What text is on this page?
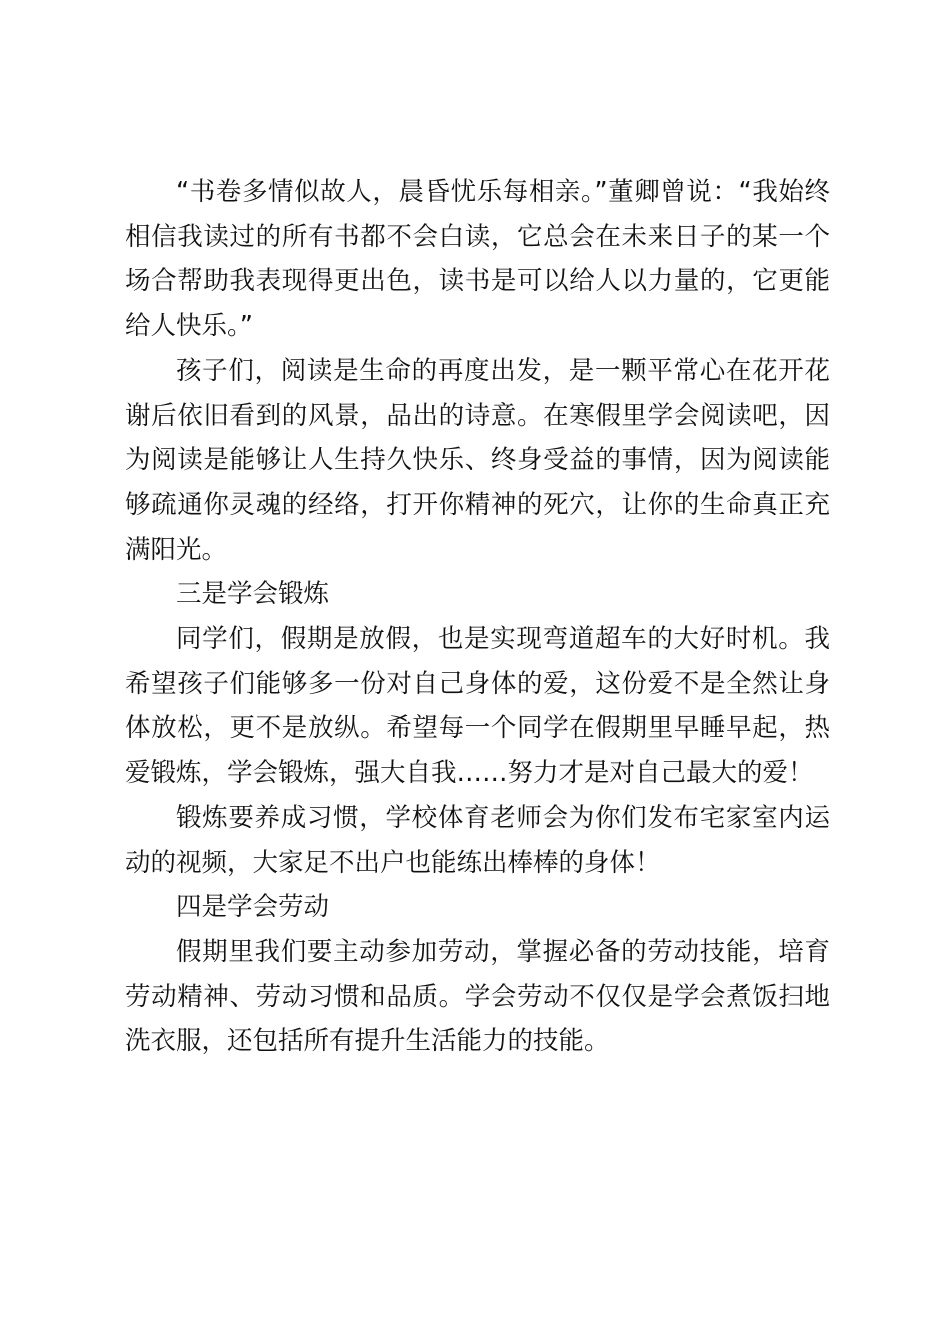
“书卷多情似故人，晨昏忧乐每相亲。”董卿曾说：“我始终相信我读过的所有书都不会白读，它总会在未来日子的某一个场合帮助我表现得更出色，读书是可以给人以力量的，它更能给人快乐。”

孩子们，阅读是生命的再度出发，是一颗平常心在花开花谢后依旧看到的风景，品出的诗意。在寒假里学会阅读吧，因为阅读是能够让人生持久快乐、终身受益的事情，因为阅读能够疏通你灵魂的经络，打开你精神的死穴，让你的生命真正充满阳光。

三是学会锻炼

同学们，假期是放假，也是实现弯道超车的大好时机。我希望孩子们能够多一份对自己身体的爱，这份爱不是全然让身体放松，更不是放纵。希望每一个同学在假期里早睡早起，热爱锻炼，学会锻炼，强大自我……努力才是对自己最大的爱！

锻炼要养成习惯，学校体育老师会为你们发布宅家室内运动的视频，大家足不出户也能练出棒棒的身体！

四是学会劳动

假期里我们要主动参加劳动，掌握必备的劳动技能，培育劳动精神、劳动习惯和品质。学会劳动不仅仅是学会煮饭扫地洗衣服，还包括所有提升生活能力的技能。
